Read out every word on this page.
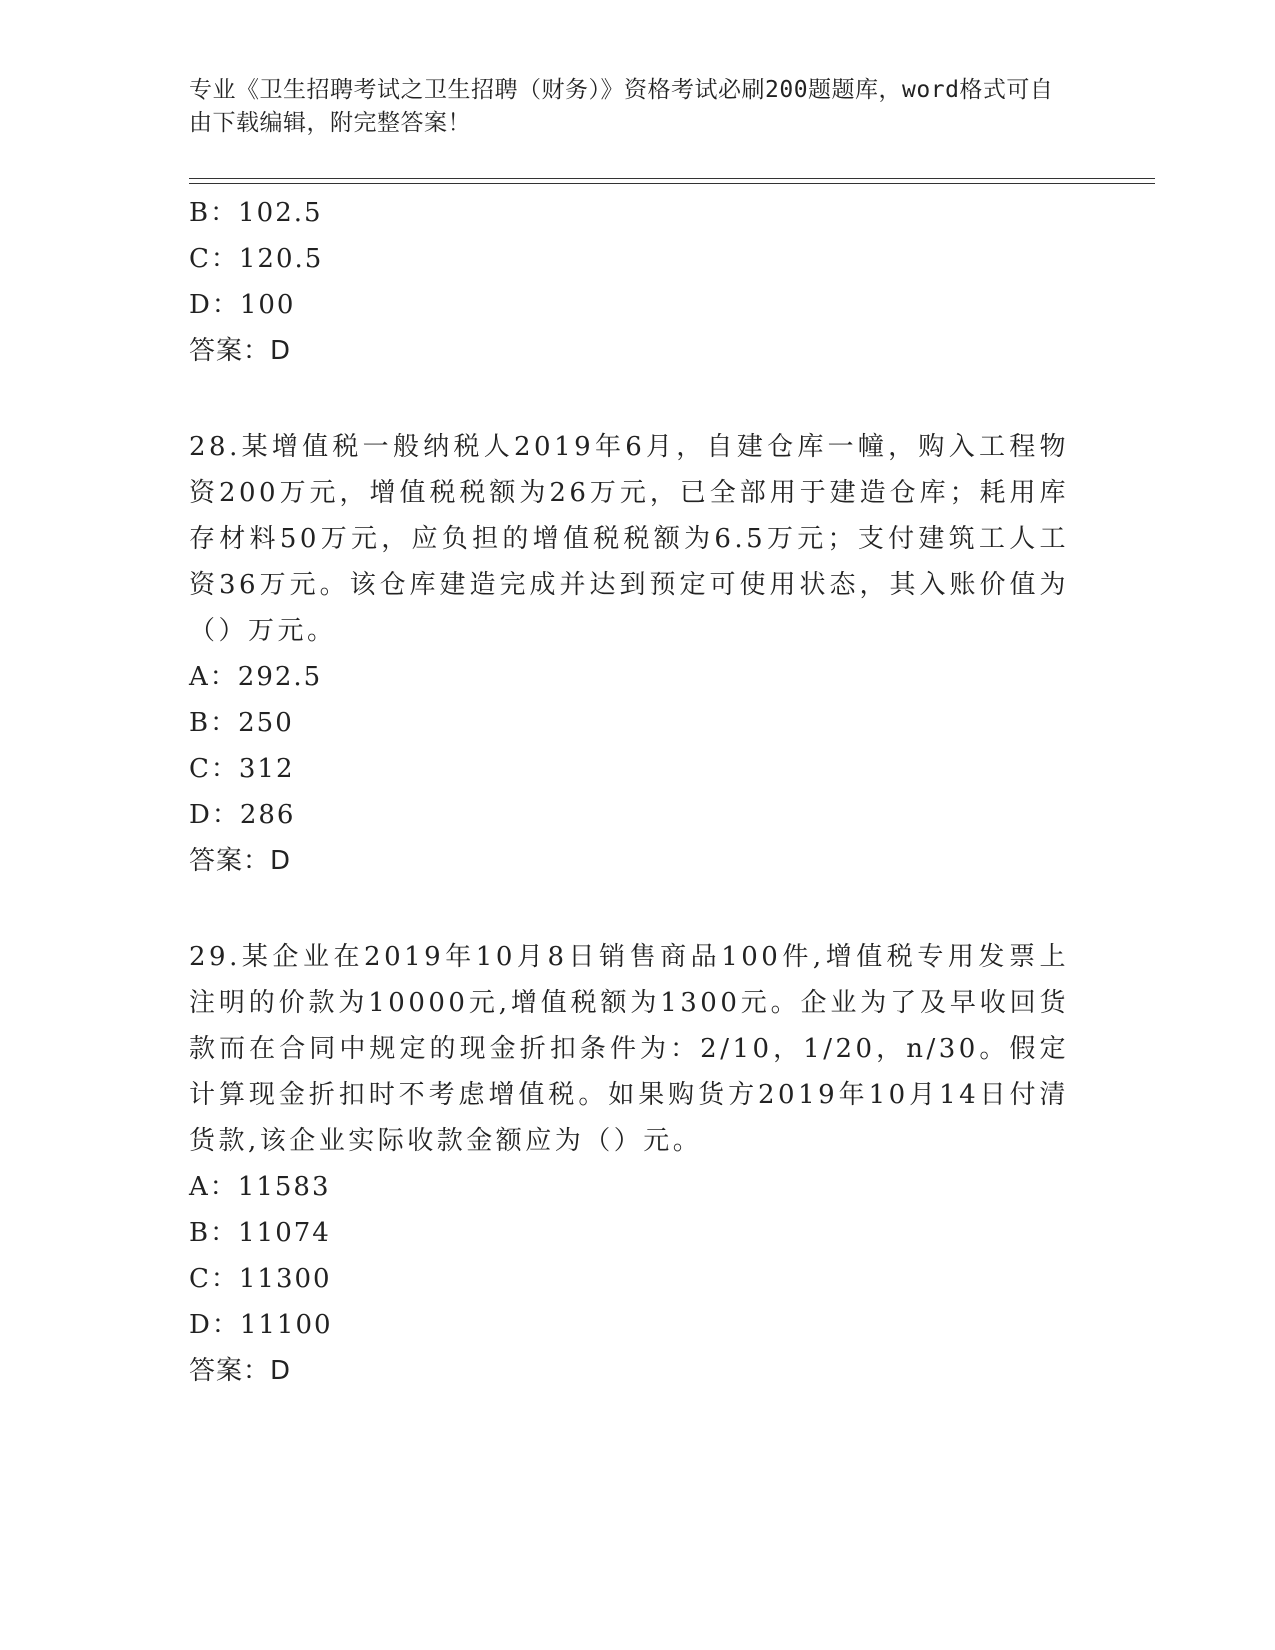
专业《卫生招聘考试之卫生招聘（财务）》资格考试必刷200题题库，word格式可自由下载编辑，附完整答案！
B：102.5
C：120.5
D：100
答案：D
28.某增值税一般纳税人2019年6月，自建仓库一幢，购入工程物资200万元，增值税税额为26万元，已全部用于建造仓库；耗用库存材料50万元，应负担的增值税税额为6.5万元；支付建筑工人工资36万元。该仓库建造完成并达到预定可使用状态，其入账价值为（）万元。
A：292.5
B：250
C：312
D：286
答案：D
29.某企业在2019年10月8日销售商品100件,增值税专用发票上注明的价款为10000元,增值税额为1300元。企业为了及早收回货款而在合同中规定的现金折扣条件为：2/10，1/20，n/30。假定计算现金折扣时不考虑增值税。如果购货方2019年10月14日付清货款,该企业实际收款金额应为（）元。
A：11583
B：11074
C：11300
D：11100
答案：D
